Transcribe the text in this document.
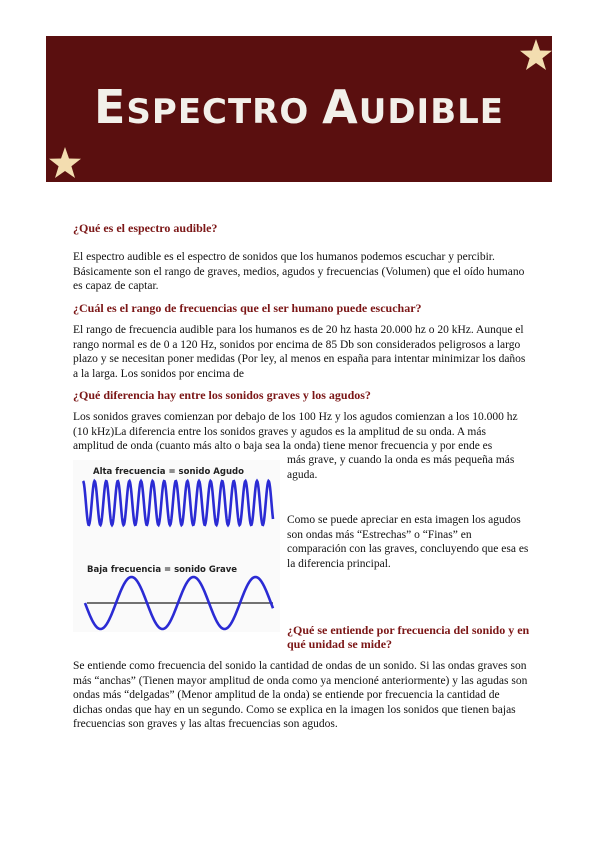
ESPECTRO AUDIBLE
¿Qué es el espectro audible?

El espectro audible es el espectro de sonidos que los humanos podemos escuchar y percibir. Básicamente son el rango de graves, medios, agudos y frecuencias (Volumen) que el oído humano es capaz de captar.

¿Cuál es el rango de frecuencias que el ser humano puede escuchar?

El rango de frecuencia audible para los humanos es de 20 hz hasta 20.000 hz o 20 kHz. Aunque el rango normal es de 0 a 120 Hz, sonidos por encima de 85 Db son considerados peligrosos a largo plazo y se necesitan poner medidas (Por ley, al menos en españa para intentar minimizar los daños a la larga. Los sonidos por encima de

¿Qué diferencia hay entre los sonidos graves y los agudos?

Los sonidos graves comienzan por debajo de los 100 Hz y los agudos comienzan a los 10.000 hz (10 kHz)La diferencia entre los sonidos graves y agudos es la amplitud de su onda. A más amplitud de onda (cuanto más alto o baja sea la onda) tiene menor frecuencia y por ende es

Alta frecuencia = sonido Agudo
Baja frecuencia = sonido Grave

más grave, y cuando la onda es más pequeña más aguda.

Como se puede apreciar en esta imagen los agudos son ondas más “Estrechas” o “Finas” en comparación con las graves, concluyendo que esa es la diferencia principal.

¿Qué se entiende por frecuencia del sonido y en qué unidad se mide?

Se entiende como frecuencia del sonido la cantidad de ondas de un sonido. Si las ondas graves son más “anchas” (Tienen mayor amplitud de onda como ya mencioné anteriormente) y las agudas son ondas más “delgadas” (Menor amplitud de la onda) se entiende por frecuencia la cantidad de dichas ondas que hay en un segundo. Como se explica en la imagen los sonidos que tienen bajas frecuencias son graves y las altas frecuencias son agudos.
